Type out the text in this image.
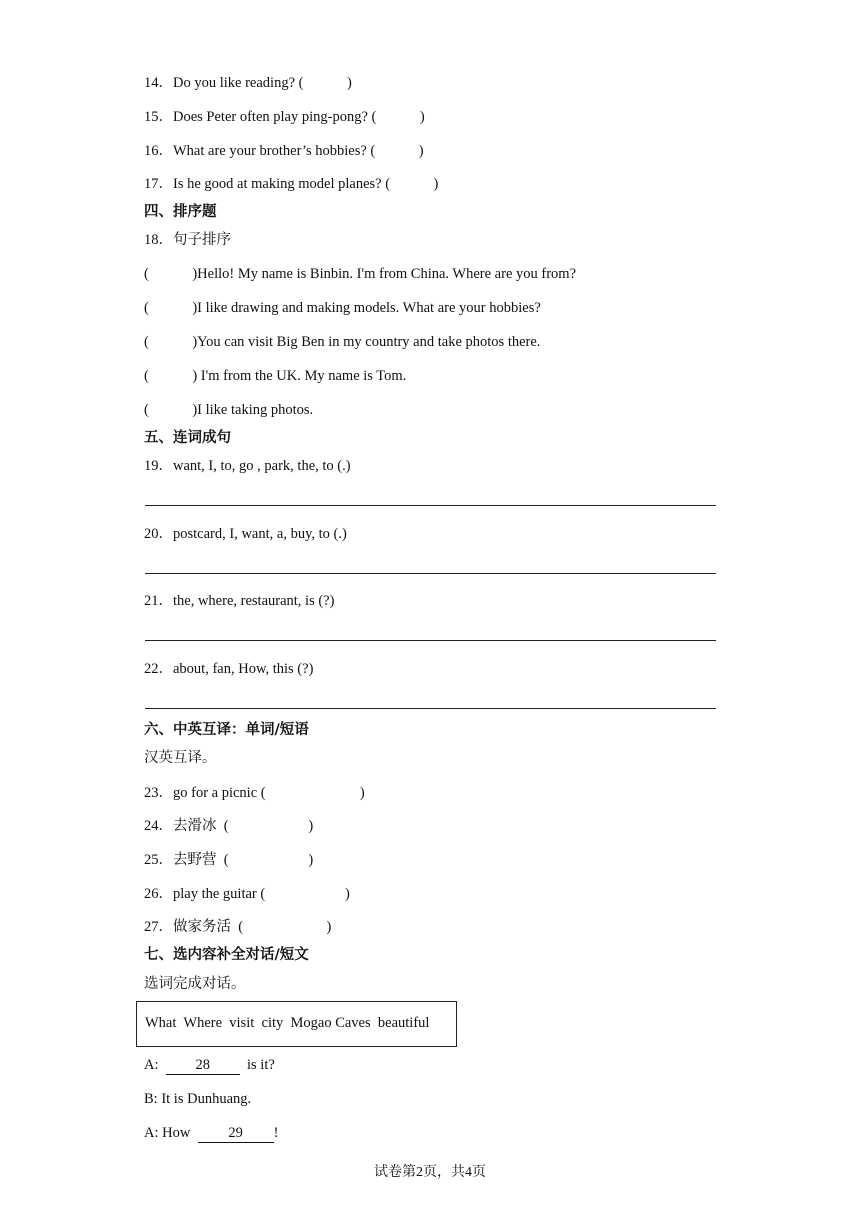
14．Do you like reading? (            )
15．Does Peter often play ping-pong? (            )
16．What are your brother’s hobbies? (            )
17．Is he good at making model planes? (            )
四、排序题
18．句子排序
(            )Hello! My name is Binbin. I'm from China. Where are you from?
(            )I like drawing and making models. What are your hobbies?
(            )You can visit Big Ben in my country and take photos there.
(            ) I'm from the UK. My name is Tom.
(            )I like taking photos.
五、连词成句
19．want, I, to, go , park, the, to (.)
20．postcard, I, want, a, buy, to (.)
21．the, where, restaurant, is (?)
22．about, fan, How, this (?)
六、中英互译：单词/短语
汉英互译。
23．go for a picnic (                          )
24．去滑冰  (                      )
25．去野营  (                      )
26．play the guitar (                      )
27．做家务活  (                       )
七、选内容补全对话/短文
选词完成对话。
What  Where  visit  city  Mogao Caves  beautiful
A:  28  is it?
B: It is Dunhuang.
A: How  29 !
试卷第2页，共4页
